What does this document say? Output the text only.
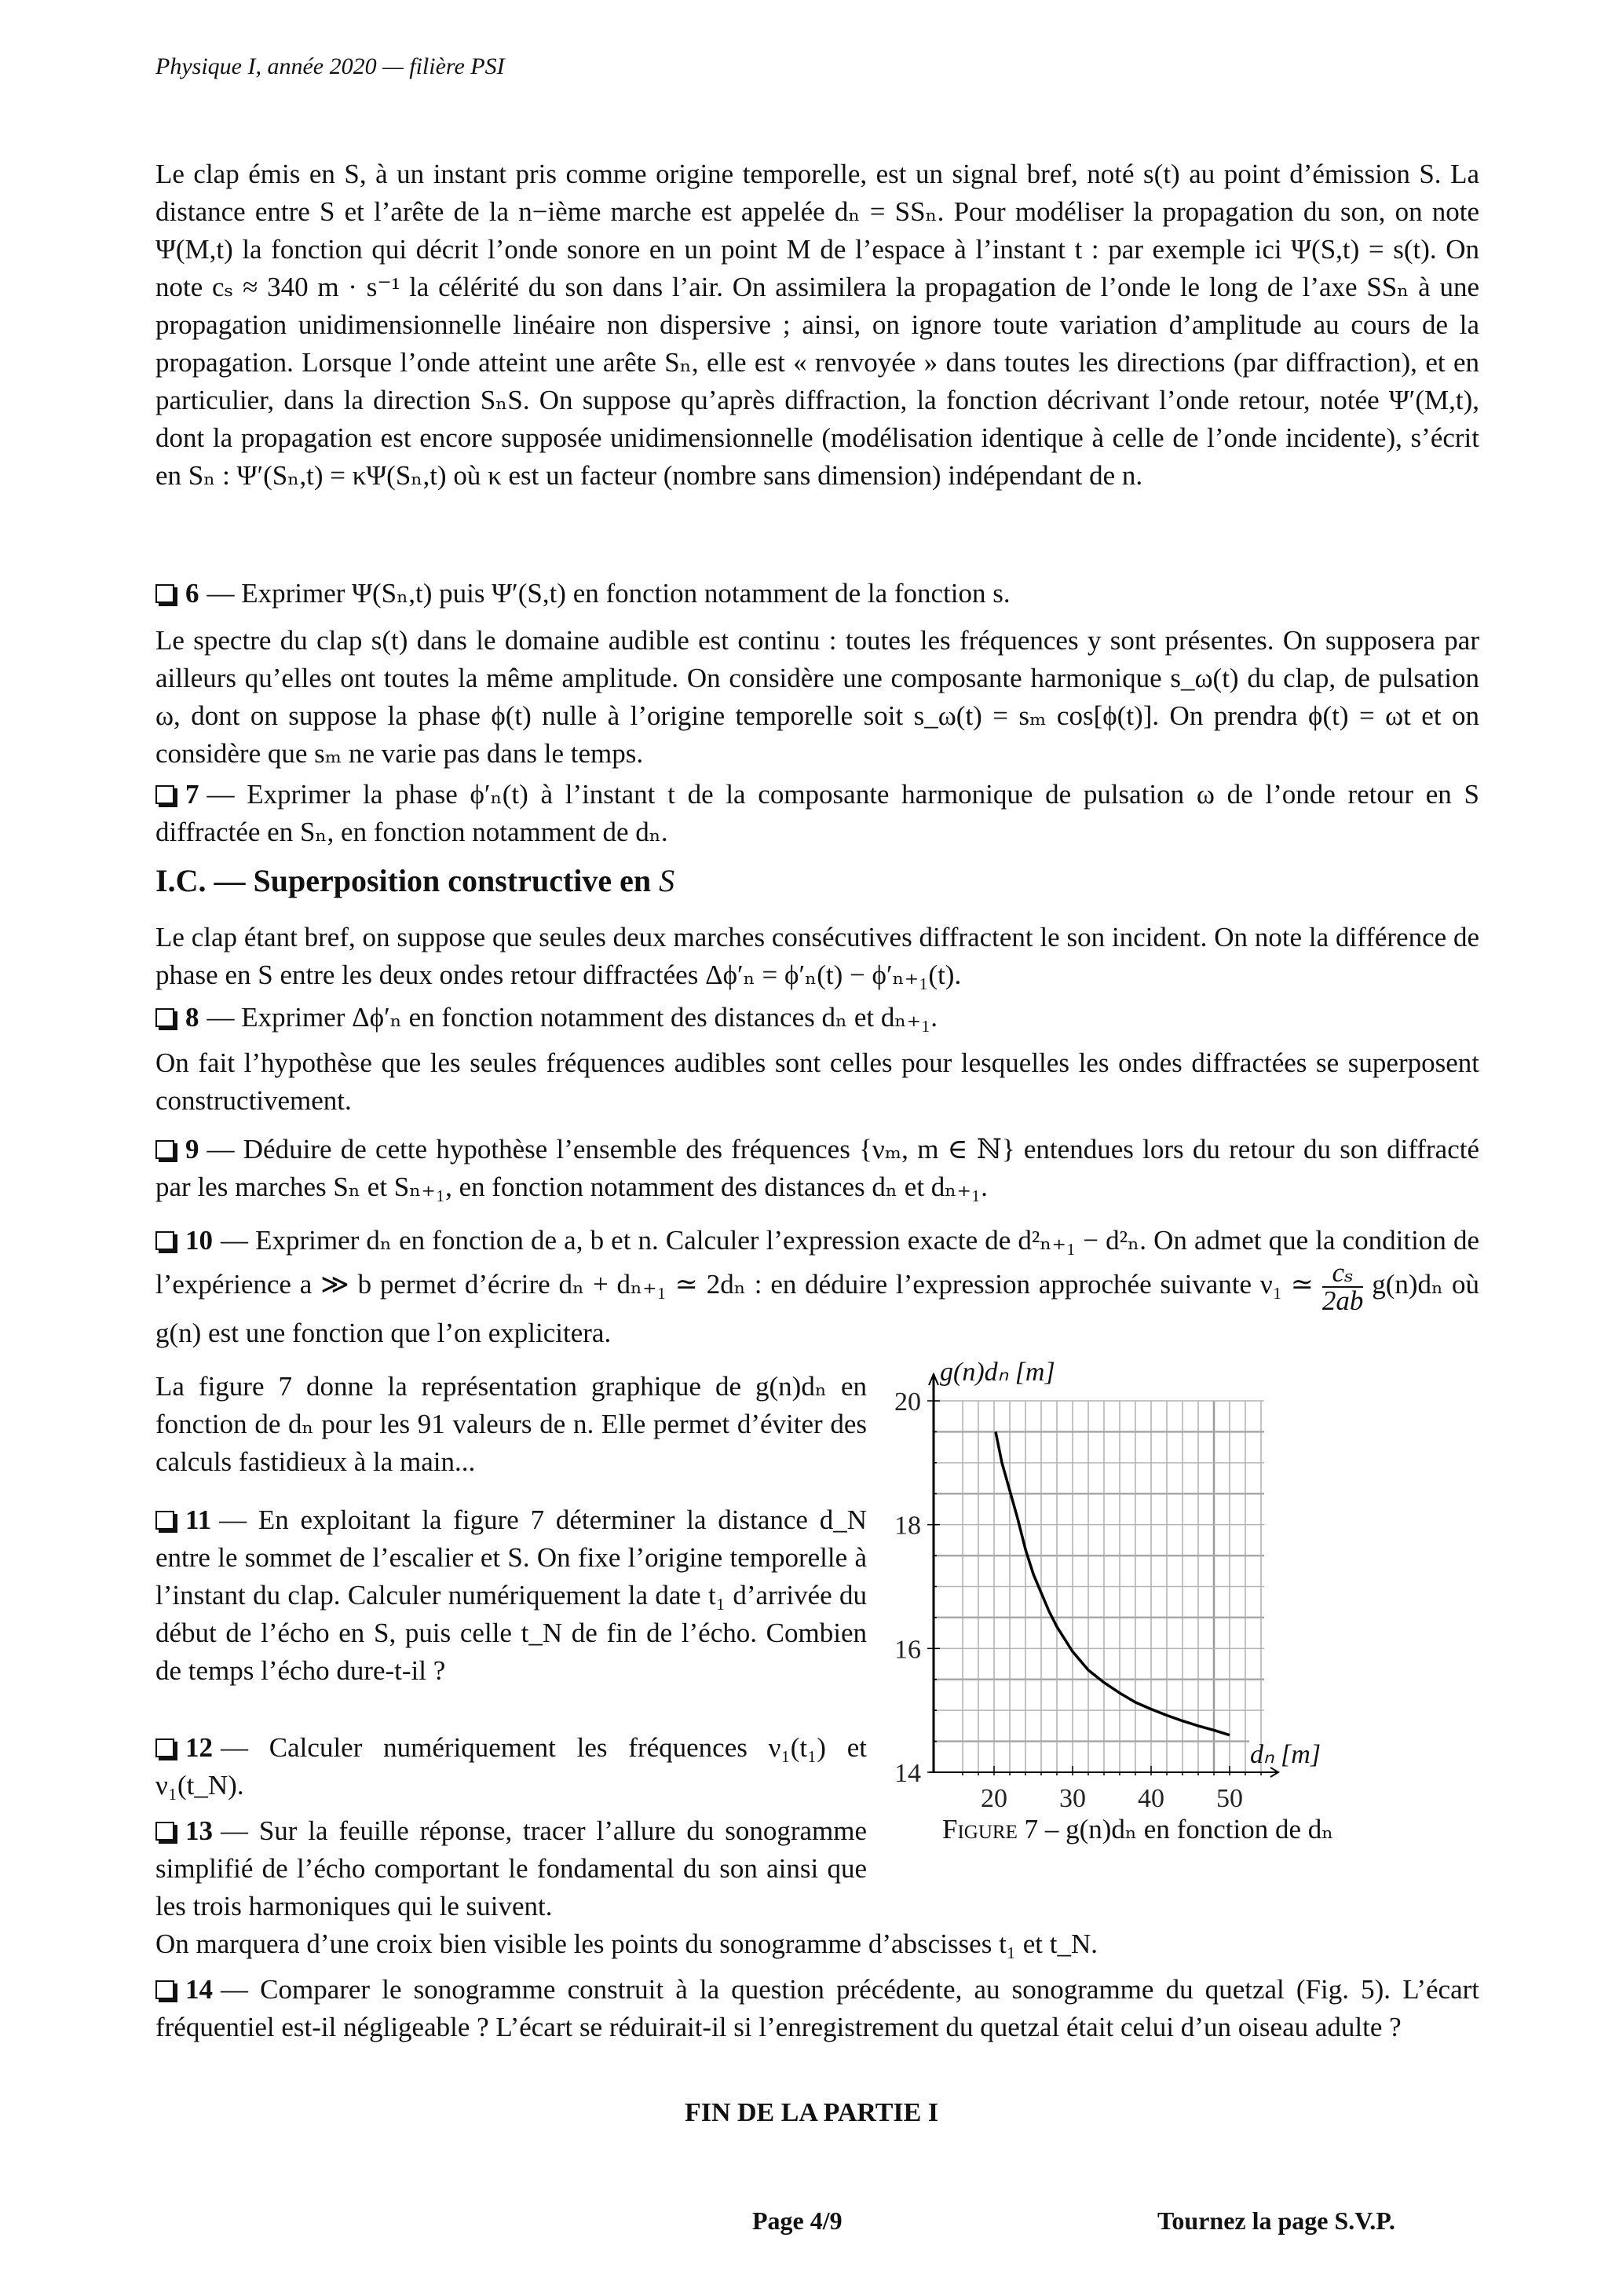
Physique I, année 2020 — filière PSI

Le clap émis en S, à un instant pris comme origine temporelle, est un signal bref, noté s(t) au point d’émission S. La distance entre S et l’arête de la n−ième marche est appelée dₙ = SSₙ. Pour modéliser la propagation du son, on note Ψ(M,t) la fonction qui décrit l’onde sonore en un point M de l’espace à l’instant t : par exemple ici Ψ(S,t) = s(t). On note cₛ ≈ 340 m · s⁻¹ la célérité du son dans l’air. On assimilera la propagation de l’onde le long de l’axe SSₙ à une propagation unidimensionnelle linéaire non dispersive ; ainsi, on ignore toute variation d’amplitude au cours de la propagation. Lorsque l’onde atteint une arête Sₙ, elle est « renvoyée » dans toutes les directions (par diffraction), et en particulier, dans la direction SₙS. On suppose qu’après diffraction, la fonction décrivant l’onde retour, notée Ψ′(M,t), dont la propagation est encore supposée unidimensionnelle (modélisation identique à celle de l’onde incidente), s’écrit en Sₙ : Ψ′(Sₙ,t) = κΨ(Sₙ,t) où κ est un facteur (nombre sans dimension) indépendant de n.

6 — Exprimer Ψ(Sₙ,t) puis Ψ′(S,t) en fonction notamment de la fonction s.

Le spectre du clap s(t) dans le domaine audible est continu : toutes les fréquences y sont présentes. On supposera par ailleurs qu’elles ont toutes la même amplitude. On considère une composante harmonique s_ω(t) du clap, de pulsation ω, dont on suppose la phase ϕ(t) nulle à l’origine temporelle soit s_ω(t) = sₘ cos[ϕ(t)]. On prendra ϕ(t) = ωt et on considère que sₘ ne varie pas dans le temps.

7 — Exprimer la phase ϕ′ₙ(t) à l’instant t de la composante harmonique de pulsation ω de l’onde retour en S diffractée en Sₙ, en fonction notamment de dₙ.

I.C. — Superposition constructive en S

Le clap étant bref, on suppose que seules deux marches consécutives diffractent le son incident. On note la différence de phase en S entre les deux ondes retour diffractées Δϕ′ₙ = ϕ′ₙ(t) − ϕ′ₙ₊₁(t).

8 — Exprimer Δϕ′ₙ en fonction notamment des distances dₙ et dₙ₊₁.

On fait l’hypothèse que les seules fréquences audibles sont celles pour lesquelles les ondes diffractées se superposent constructivement.

9 — Déduire de cette hypothèse l’ensemble des fréquences {νₘ, m ∈ ℕ} entendues lors du retour du son diffracté par les marches Sₙ et Sₙ₊₁, en fonction notamment des distances dₙ et dₙ₊₁.

10 — Exprimer dₙ en fonction de a, b et n. Calculer l’expression exacte de d²ₙ₊₁ − d²ₙ. On admet que la condition de l’expérience a ≫ b permet d’écrire dₙ + dₙ₊₁ ≃ 2dₙ : en déduire l’expression approchée suivante ν₁ ≃ $\frac{\text{cₛ}}{2ab} g(n)d_n$ où g(n) est une fonction que l’on explicitera.

La figure 7 donne la représentation graphique de g(n)dₙ en fonction de dₙ pour les 91 valeurs de n. Elle permet d’éviter des calculs fastidieux à la main...

11 — En exploitant la figure 7 déterminer la distance d_N entre le sommet de l’escalier et S. On fixe l’origine temporelle à l’instant du clap. Calculer numériquement la date t₁ d’arrivée du début de l’écho en S, puis celle t_N de fin de l’écho. Combien de temps l’écho dure-t-il ?

12 — Calculer numériquement les fréquences ν₁(t₁) et ν₁(t_N).

13 — Sur la feuille réponse, tracer l’allure du sonogramme simplifié de l’écho comportant le fondamental du son ainsi que les trois harmoniques qui le suivent.

On marquera d’une croix bien visible les points du sonogramme d’abscisses t₁ et t_N.

14 — Comparer le sonogramme construit à la question précédente, au sonogramme du quetzal (Fig. 5). L’écart fréquentiel est-il négligeable ? L’écart se réduirait-il si l’enregistrement du quetzal était celui d’un oiseau adulte ?

14
16
18
20
20 30 40 50
g(n)dₙ [m]
dₙ [m]
Figure 7 – g(n)dₙ en fonction de dₙ
FIN DE LA PARTIE I
Page 4/9	Tournez la page S.V.P.
